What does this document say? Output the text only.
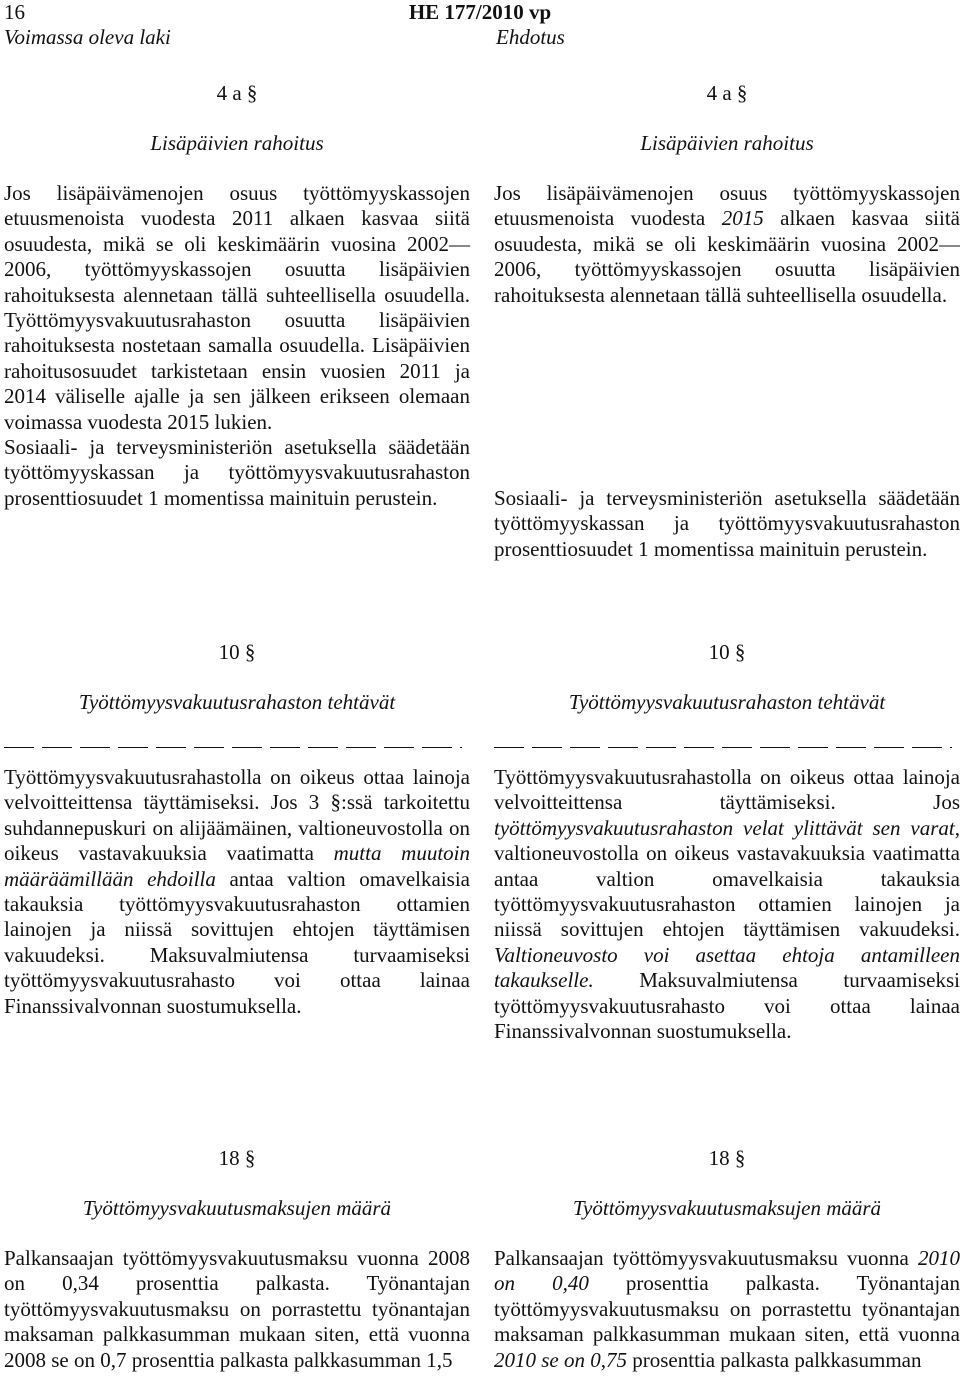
16	HE 177/2010 vp
Voimassa oleva laki	Ehdotus
4 a §
Lisäpäivien rahoitus

Jos lisäpäivämenojen osuus työttömyyskassojen etuusmenoista vuodesta 2011 alkaen kasvaa siitä osuudesta, mikä se oli keskimäärin vuosina 2002—2006, työttömyyskassojen osuutta lisäpäivien rahoituksesta alennetaan tällä suhteellisella osuudella. Työttömyysvakuutusrahaston osuutta lisäpäivien rahoituksesta nostetaan samalla osuudella. Lisäpäivien rahoitusosuudet tarkistetaan ensin vuosien 2011 ja 2014 väliselle ajalle ja sen jälkeen erikseen olemaan voimassa vuodesta 2015 lukien.

Sosiaali- ja terveysministeriön asetuksella säädetään työttömyyskassan ja työttömyysvakuutusrahaston prosenttiosuudet 1 momentissa mainituin perustein.

10 §
Työttömyysvakuutusrahaston tehtävät

Työttömyysvakuutusrahastolla on oikeus ottaa lainoja velvoitteittensa täyttämiseksi. Jos 3 §:ssä tarkoitettu suhdannepuskuri on alijäämäinen, valtioneuvostolla on oikeus vastavakuuksia vaatimatta mutta muutoin määräämillään ehdoilla antaa valtion omavelkaisia takauksia työttömyysvakuutusrahaston ottamien lainojen ja niissä sovittujen ehtojen täyttämisen vakuudeksi. Maksuvalmiutensa turvaamiseksi työttömyysvakuutusrahasto voi ottaa lainaa Finanssivalvonnan suostumuksella.

18 §
Työttömyysvakuutusmaksujen määrä
Palkansaajan työttömyysvakuutusmaksu vuonna 2008 on 0,34 prosenttia palkasta. Työnantajan työttömyysvakuutusmaksu on porrastettu työnantajan maksaman palkkasumman mukaan siten, että vuonna 2008 se on 0,7 prosenttia palkasta palkkasumman 1,5
4 a §
Lisäpäivien rahoitus

Jos lisäpäivämenojen osuus työttömyyskassojen etuusmenoista vuodesta 2015 alkaen kasvaa siitä osuudesta, mikä se oli keskimäärin vuosina 2002—2006, työttömyyskassojen osuutta lisäpäivien rahoituksesta alennetaan tällä suhteellisella osuudella.

Sosiaali- ja terveysministeriön asetuksella säädetään työttömyyskassan ja työttömyysvakuutusrahaston prosenttiosuudet 1 momentissa mainituin perustein.
10 §
Työttömyysvakuutusrahaston tehtävät

Työttömyysvakuutusrahastolla on oikeus ottaa lainoja velvoitteittensa täyttämiseksi. Jos työttömyysvakuutusrahaston velat ylittävät sen varat, valtioneuvostolla on oikeus vastavakuuksia vaatimatta antaa valtion omavelkaisia takauksia työttömyysvakuutusrahaston ottamien lainojen ja niissä sovittujen ehtojen täyttämisen vakuudeksi. Valtioneuvosto voi asettaa ehtoja antamilleen takaukselle. Maksuvalmiutensa turvaamiseksi työttömyysvakuutusrahasto voi ottaa lainaa Finanssivalvonnan suostumuksella.

18 §
Työttömyysvakuutusmaksujen määrä

Palkansaajan työttömyysvakuutusmaksu vuonna 2010 on 0,40 prosenttia palkasta. Työnantajan työttömyysvakuutusmaksu on porrastettu työnantajan maksaman palkkasumman mukaan siten, että vuonna 2010 se on 0,75 prosenttia palkasta palkkasumman
